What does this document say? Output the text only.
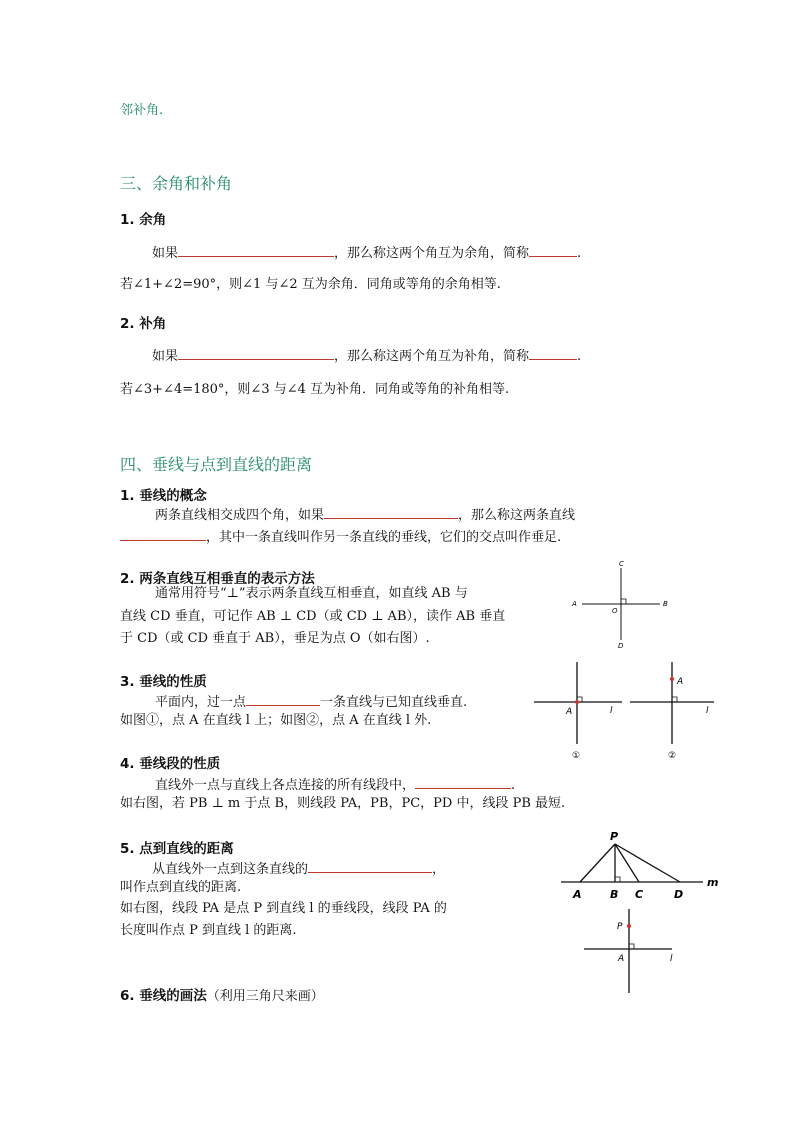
邻补角.
三、余角和补角
1. 余角
如果	，那么称这两个角互为余角，简称	.
若∠1+∠2=90°，则∠1 与∠2 互为余角．同角或等角的余角相等.
2. 补角
如果	，那么称这两个角互为补角，简称	.
若∠3+∠4=180°，则∠3 与∠4 互为补角．同角或等角的补角相等.
四、垂线与点到直线的距离
1. 垂线的概念
两条直线相交成四个角，如果	，那么称这两条直线
，其中一条直线叫作另一条直线的垂线，它们的交点叫作垂足.
2. 两条直线互相垂直的表示方法
通常用符号“⊥”表示两条直线互相垂直，如直线 AB 与
直线 CD 垂直，可记作 AB ⊥ CD（或 CD ⊥ AB），读作 AB 垂直
于 CD（或 CD 垂直于 AB），垂足为点 O（如右图）.
C
A	B
O
D
3. 垂线的性质
平面内，过一点	一条直线与已知直线垂直.
如图①，点 A 在直线 l 上；如图②，点 A 在直线 l 外.
A	l
①
A
l
②
4. 垂线段的性质
直线外一点与直线上各点连接的所有线段中，	.
如右图，若 PB ⊥ m 于点 B，则线段 PA，PB，PC，PD 中，线段 PB 最短.
5. 点到直线的距离
从直线外一点到这条直线的	，
叫作点到直线的距离.
如右图，线段 PA 是点 P 到直线 l 的垂线段，线段 PA 的
长度叫作点 P 到直线 l 的距离.
P
A	B C	D
m
P
A	l
6. 垂线的画法（利用三角尺来画）
